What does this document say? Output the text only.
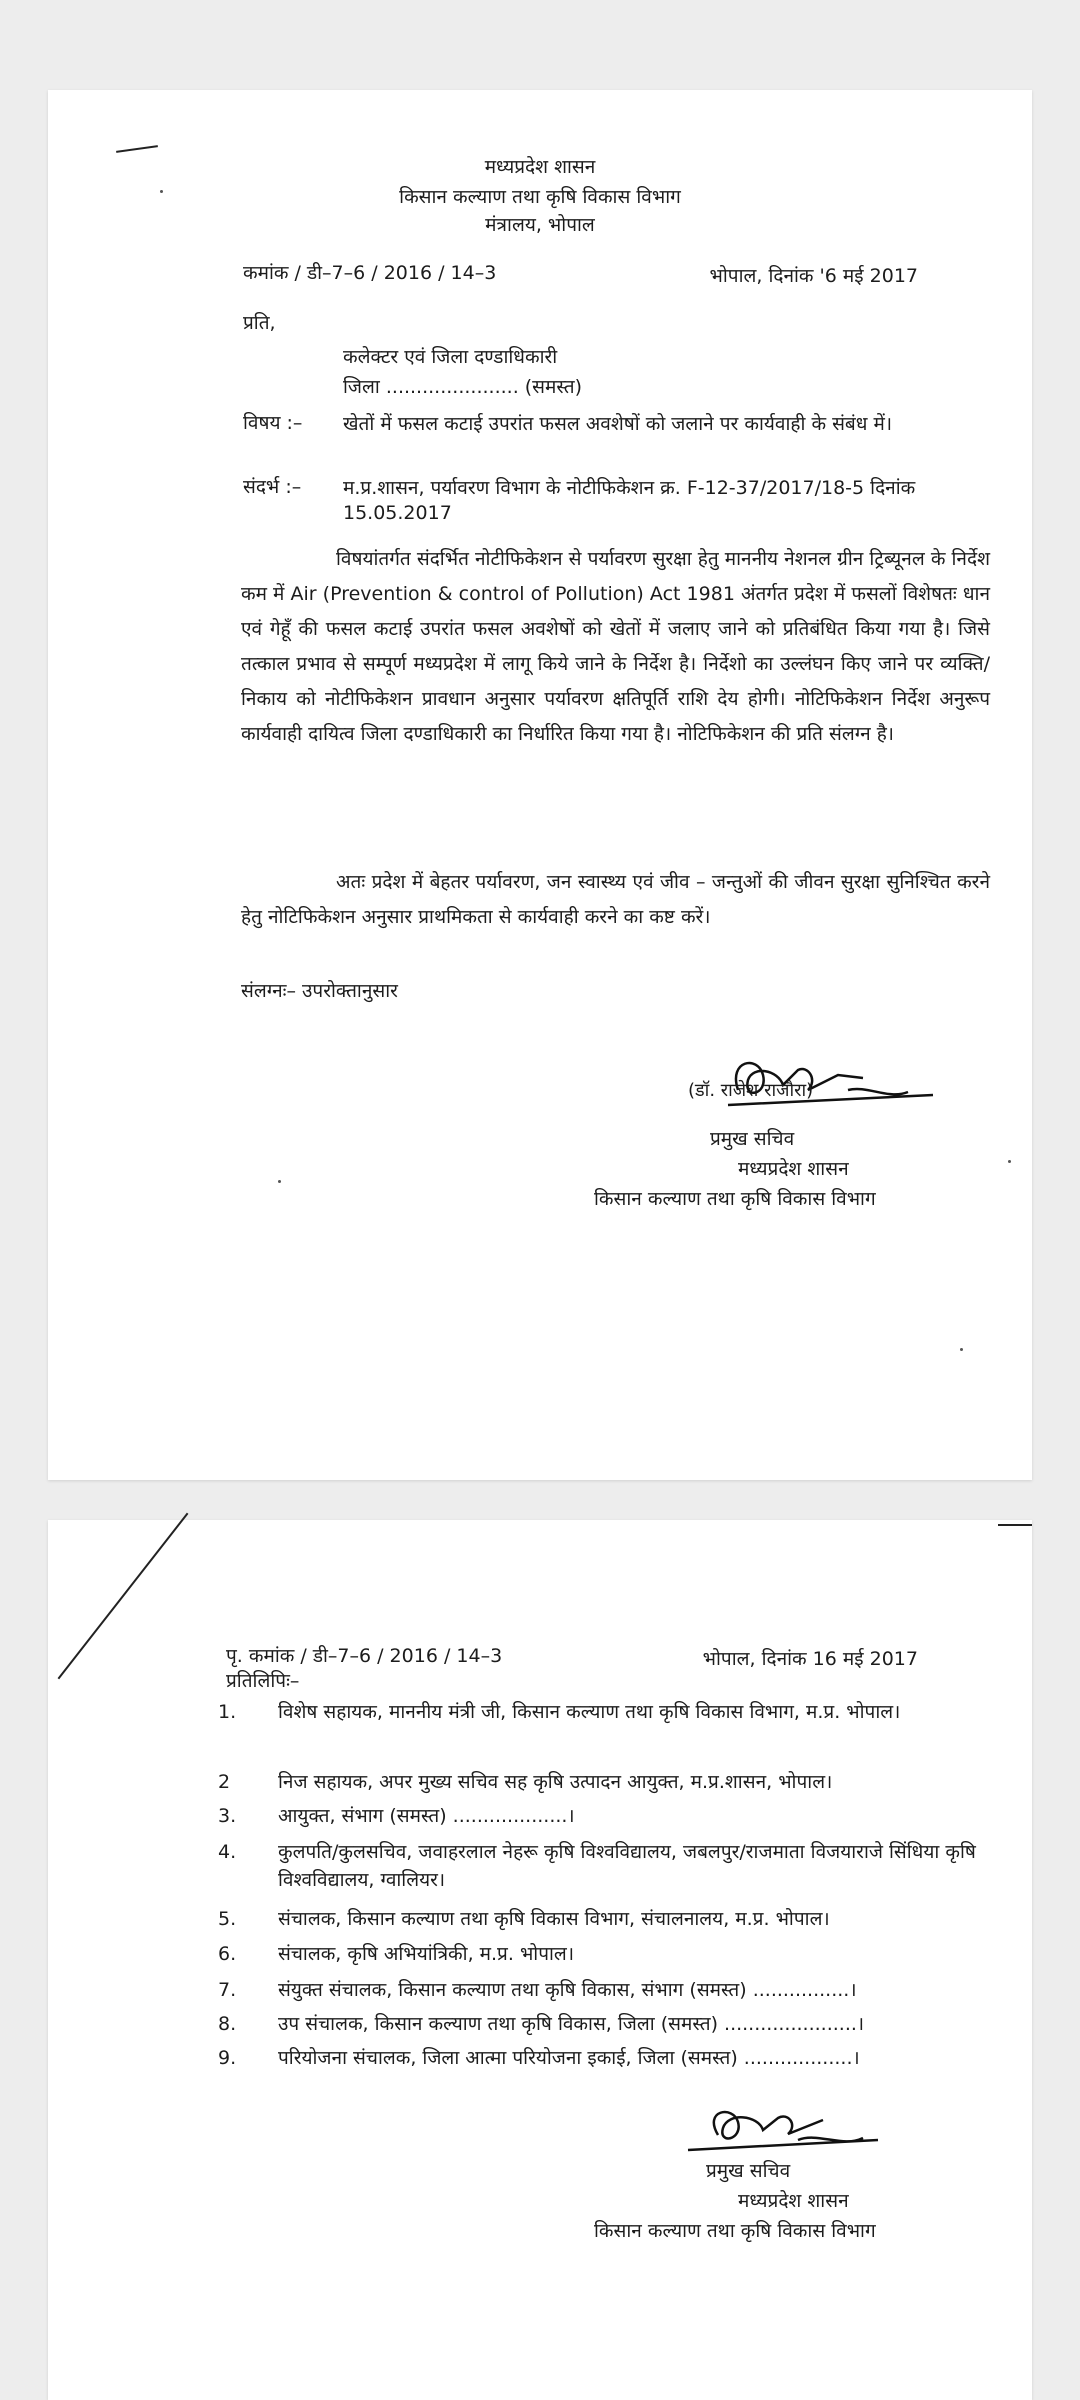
मध्यप्रदेश शासन
किसान कल्याण तथा कृषि विकास विभाग
मंत्रालय, भोपाल
कमांक / डी–7–6 / 2016 / 14–3	भोपाल, दिनांक '6 मई 2017
प्रति,
कलेक्टर एवं जिला दण्डाधिकारी
जिला ...................... (समस्त)
विषय :– खेतों में फसल कटाई उपरांत फसल अवशेषों को जलाने पर कार्यवाही के संबंध में।
संदर्भ :– म.प्र.शासन, पर्यावरण विभाग के नोटीफिकेशन क्र. F-12-37/2017/18-5 दिनांक 15.05.2017
विषयांतर्गत संदर्भित नोटीफिकेशन से पर्यावरण सुरक्षा हेतु माननीय नेशनल ग्रीन ट्रिब्यूनल के निर्देश कम में Air (Prevention & control of Pollution) Act 1981 अंतर्गत प्रदेश में फसलों विशेषतः धान एवं गेहूँ की फसल कटाई उपरांत फसल अवशेषों को खेतों में जलाए जाने को प्रतिबंधित किया गया है। जिसे तत्काल प्रभाव से सम्पूर्ण मध्यप्रदेश में लागू किये जाने के निर्देश है। निर्देशो का उल्लंघन किए जाने पर व्यक्ति/निकाय को नोटीफिकेशन प्रावधान अनुसार पर्यावरण क्षतिपूर्ति राशि देय होगी। नोटिफिकेशन निर्देश अनुरूप कार्यवाही दायित्व जिला दण्डाधिकारी का निर्धारित किया गया है। नोटिफिकेशन की प्रति संलग्न है।
अतः प्रदेश में बेहतर पर्यावरण, जन स्वास्थ्य एवं जीव – जन्तुओं की जीवन सुरक्षा सुनिश्चित करने हेतु नोटिफिकेशन अनुसार प्राथमिकता से कार्यवाही करने का कष्ट करें।
संलग्नः– उपरोक्तानुसार
(डॉ. राजेश राजौरा)
प्रमुख सचिव
मध्यप्रदेश शासन
किसान कल्याण तथा कृषि विकास विभाग
पृ. कमांक / डी–7–6 / 2016 / 14–3	भोपाल, दिनांक 16 मई 2017
प्रतिलिपिः–
1.	विशेष सहायक, माननीय मंत्री जी, किसान कल्याण तथा कृषि विकास विभाग, म.प्र. भोपाल।
2	निज सहायक, अपर मुख्य सचिव सह कृषि उत्पादन आयुक्त, म.प्र.शासन, भोपाल।
3.	आयुक्त, संभाग (समस्त) ...................।
4.	कुलपति/कुलसचिव, जवाहरलाल नेहरू कृषि विश्वविद्यालय, जबलपुर/राजमाता विजयाराजे सिंधिया कृषि विश्वविद्यालय, ग्वालियर।
5.	संचालक, किसान कल्याण तथा कृषि विकास विभाग, संचालनालय, म.प्र. भोपाल।
6.	संचालक, कृषि अभियांत्रिकी, म.प्र. भोपाल।
7.	संयुक्त संचालक, किसान कल्याण तथा कृषि विकास, संभाग (समस्त) ................।
8.	उप संचालक, किसान कल्याण तथा कृषि विकास, जिला (समस्त) ......................।
9.	परियोजना संचालक, जिला आत्मा परियोजना इकाई, जिला (समस्त) ..................।
प्रमुख सचिव
मध्यप्रदेश शासन
किसान कल्याण तथा कृषि विकास विभाग
